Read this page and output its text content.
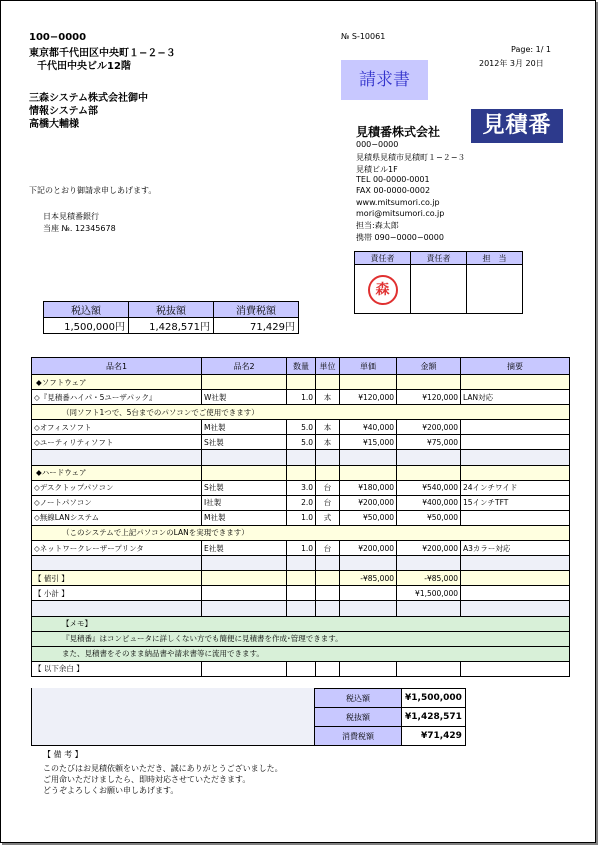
100−0000
東京都千代田区中央町１−２−３
千代田中央ビル12階
三森システム株式会社御中
情報システム部
高橋大輔様
№ S-10061
Page: 1/ 1
2012年 3月 20日
請求書
見積番株式会社	見積番
000−0000
見積県見積市見積町１−２−３
見積ビル1F
TEL 00-0000-0001
FAX 00-0000-0002
www.mitsumori.co.jp
mori@mitsumori.co.jp
担当:森太郎
携帯 090−0000−0000
下記のとおり御請求申しあげます。
日本見積番銀行
当座 №. 12345678
責任者	責任者	担　当
森		
税込額	税抜額	消費税額
1,500,000円	1,428,571円	71,429円
品名1	品名2	数量	単位	単価	金額	摘要
◆ソフトウェア						
◇『見積番ハイパ・5ユーザパック』	W社製	1.0	本	¥120,000	¥120,000	LAN対応
（同ソフト1つで、5台までのパソコンでご使用できます）						
◇オフィスソフト	M社製	5.0	本	¥40,000	¥200,000	
◇ユーティリティソフト	S社製	5.0	本	¥15,000	¥75,000	

◆ハードウェア						
◇デスクトップパソコン	S社製	3.0	台	¥180,000	¥540,000	24インチワイド
◇ノートパソコン	I社製	2.0	台	¥200,000	¥400,000	15インチTFT
◇無線LANシステム	M社製	1.0	式	¥50,000	¥50,000	
（このシステムで上記パソコンのLANを実現できます）						
◇ネットワークレーザープリンタ	E社製	1.0	台	¥200,000	¥200,000	A3カラー対応

【 値引 】				-¥85,000	-¥85,000	
【 小計 】					¥1,500,000	

【メモ】						
『見積番』はコンピュータに詳しくない方でも簡便に見積書を作成･管理できます。						
また、見積書をそのまま納品書や請求書等に流用できます。						
【 以下余白 】						
税込額	¥1,500,000
税抜額	¥1,428,571
消費税額	¥71,429
【 備 考 】
このたびはお見積依頼をいただき、誠にありがとうございました。
ご用命いただけましたら、即時対応させていただきます。
どうぞよろしくお願い申しあげます。
